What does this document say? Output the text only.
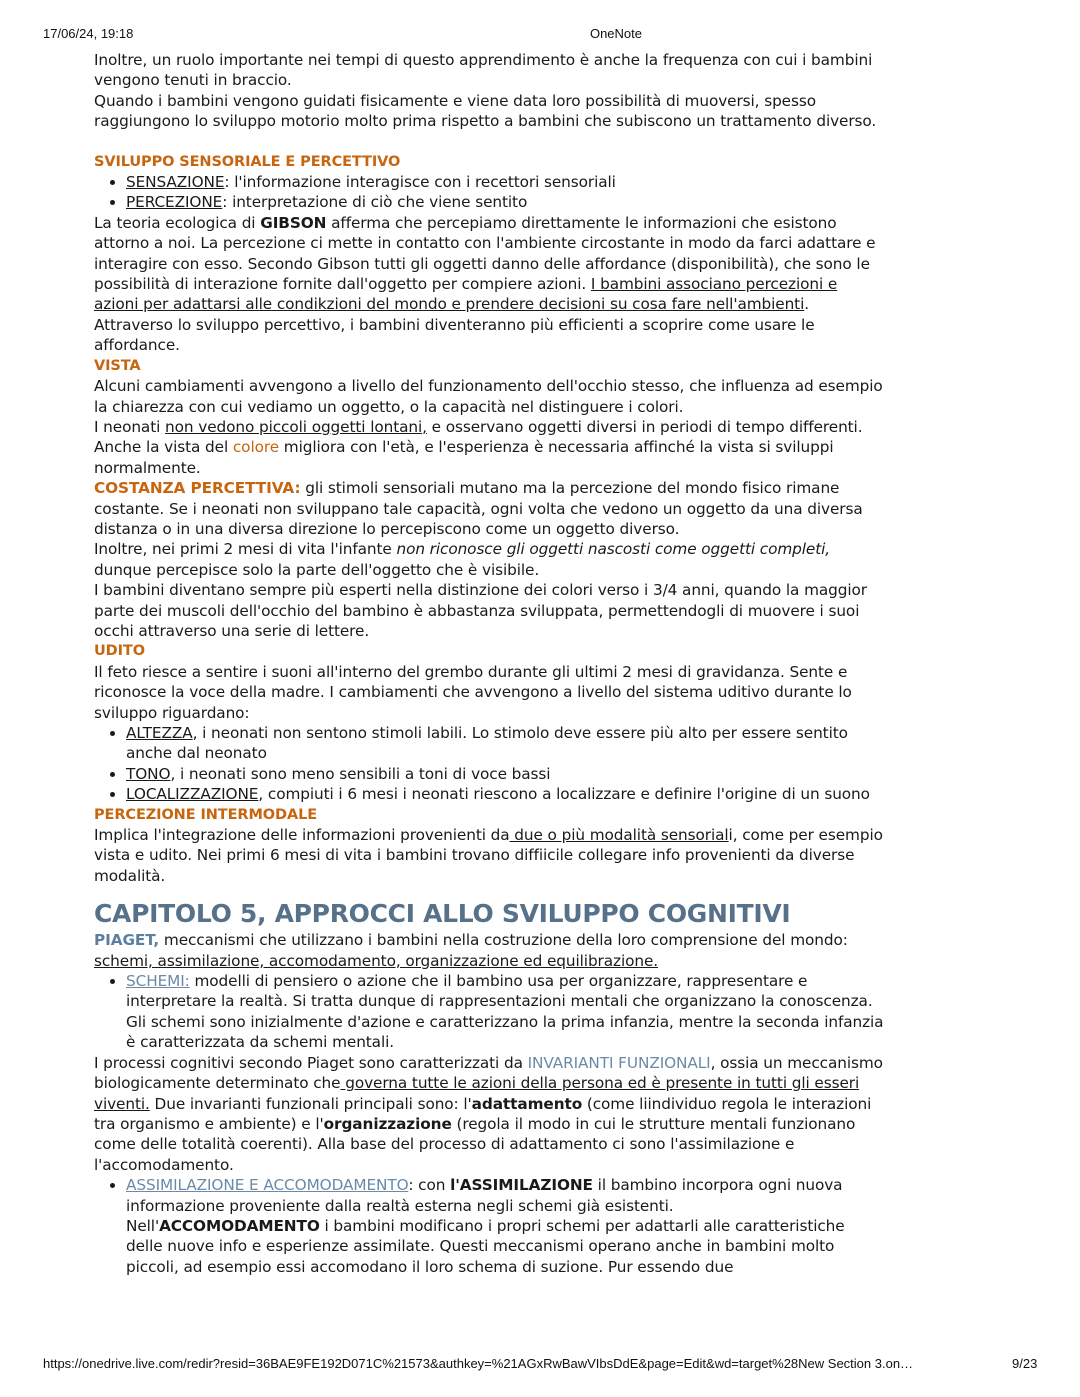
17/06/24, 19:18	OneNote

Inoltre, un ruolo importante nei tempi di questo apprendimento è anche la frequenza con cui i bambini vengono tenuti in braccio.

Quando i bambini vengono guidati fisicamente e viene data loro possibilità di muoversi, spesso raggiungono lo sviluppo motorio molto prima rispetto a bambini che subiscono un trattamento diverso.

SVILUPPO SENSORIALE E PERCETTIVO

• SENSAZIONE: l'informazione interagisce con i recettori sensoriali
• PERCEZIONE: interpretazione di ciò che viene sentito

La teoria ecologica di GIBSON afferma che percepiamo direttamente le informazioni che esistono attorno a noi. La percezione ci mette in contatto con l'ambiente circostante in modo da farci adattare e interagire con esso. Secondo Gibson tutti gli oggetti danno delle affordance (disponibilità), che sono le possibilità di interazione fornite dall'oggetto per compiere azioni. I bambini associano percezioni e azioni per adattarsi alle condikzioni del mondo e prendere decisioni su cosa fare nell'ambienti. Attraverso lo sviluppo percettivo, i bambini diventeranno più efficienti a scoprire come usare le affordance.

VISTA

Alcuni cambiamenti avvengono a livello del funzionamento dell'occhio stesso, che influenza ad esempio la chiarezza con cui vediamo un oggetto, o la capacità nel distinguere i colori.

I neonati non vedono piccoli oggetti lontani, e osservano oggetti diversi in periodi di tempo differenti. Anche la vista del colore migliora con l'età, e l'esperienza è necessaria affinché la vista si sviluppi normalmente.

COSTANZA PERCETTIVA: gli stimoli sensoriali mutano ma la percezione del mondo fisico rimane costante. Se i neonati non sviluppano tale capacità, ogni volta che vedono un oggetto da una diversa distanza o in una diversa direzione lo percepiscono come un oggetto diverso.

Inoltre, nei primi 2 mesi di vita l'infante non riconosce gli oggetti nascosti come oggetti completi, dunque percepisce solo la parte dell'oggetto che è visibile.

I bambini diventano sempre più esperti nella distinzione dei colori verso i 3/4 anni, quando la maggior parte dei muscoli dell'occhio del bambino è abbastanza sviluppata, permettendogli di muovere i suoi occhi attraverso una serie di lettere.

UDITO

Il feto riesce a sentire i suoni all'interno del grembo durante gli ultimi 2 mesi di gravidanza. Sente e riconosce la voce della madre. I cambiamenti che avvengono a livello del sistema uditivo durante lo sviluppo riguardano:

• ALTEZZA, i neonati non sentono stimoli labili. Lo stimolo deve essere più alto per essere sentito anche dal neonato
• TONO, i neonati sono meno sensibili a toni di voce bassi
• LOCALIZZAZIONE, compiuti i 6 mesi i neonati riescono a localizzare e definire l'origine di un suono

PERCEZIONE INTERMODALE

Implica l'integrazione delle informazioni provenienti da due o più modalità sensoriali, come per esempio vista e udito. Nei primi 6 mesi di vita i bambini trovano diffiicile collegare info provenienti da diverse modalità.

CAPITOLO 5, APPROCCI ALLO SVILUPPO COGNITIVI

PIAGET, meccanismi che utilizzano i bambini nella costruzione della loro comprensione del mondo: schemi, assimilazione, accomodamento, organizzazione ed equilibrazione.

• SCHEMI: modelli di pensiero o azione che il bambino usa per organizzare, rappresentare e interpretare la realtà. Si tratta dunque di rappresentazioni mentali che organizzano la conoscenza. Gli schemi sono inizialmente d'azione e caratterizzano la prima infanzia, mentre la seconda infanzia è caratterizzata da schemi mentali.

I processi cognitivi secondo Piaget sono caratterizzati da INVARIANTI FUNZIONALI, ossia un meccanismo biologicamente determinato che governa tutte le azioni della persona ed è presente in tutti gli esseri viventi. Due invarianti funzionali principali sono: l'adattamento (come liindividuo regola le interazioni tra organismo e ambiente) e l'organizzazione (regola il modo in cui le strutture mentali funzionano come delle totalità coerenti). Alla base del processo di adattamento ci sono l'assimilazione e l'accomodamento.

• ASSIMILAZIONE E ACCOMODAMENTO: con l'ASSIMILAZIONE il bambino incorpora ogni nuova informazione proveniente dalla realtà esterna negli schemi già esistenti.
Nell'ACCOMODAMENTO i bambini modificano i propri schemi per adattarli alle caratteristiche delle nuove info e esperienze assimilate. Questi meccanismi operano anche in bambini molto piccoli, ad esempio essi accomodano il loro schema di suzione. Pur essendo due
https://onedrive.live.com/redir?resid=36BAE9FE192D071C%21573&authkey=%21AGxRwBawVIbsDdE&page=Edit&wd=target%28New Section 3.on…	9/23
